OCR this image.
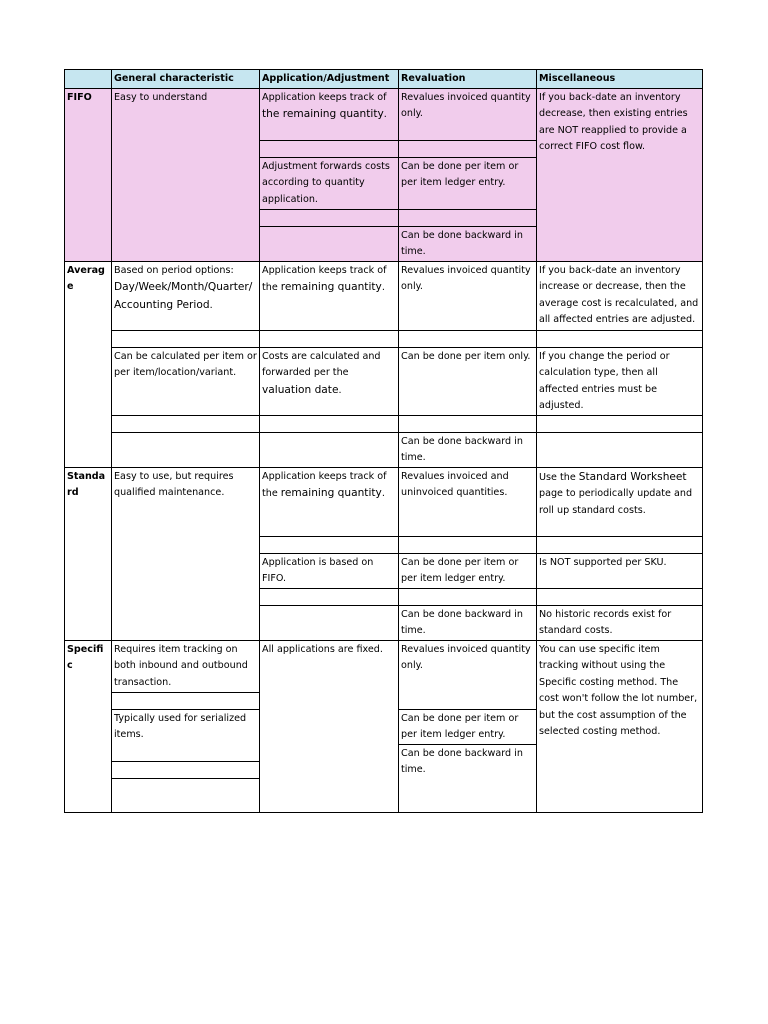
	General characteristic	Application/Adjustment	Revaluation	Miscellaneous
FIFO	Easy to understand	Application keeps track of the remaining quantity.	Revalues invoiced quantity only.	If you back-date an inventory decrease, then existing entries are NOT reapplied to provide a correct FIFO cost flow.

		Adjustment forwards costs according to quantity application.	Can be done per item or per item ledger entry.	

			Can be done backward in time.	

Average	Based on period options: Day/Week/Month/Quarter/Accounting Period.	Application keeps track of the remaining quantity.	Revalues invoiced quantity only.	If you back-date an inventory increase or decrease, then the average cost is recalculated, and all affected entries are adjusted.

	Can be calculated per item or per item/location/variant.	Costs are calculated and forwarded per the valuation date.	Can be done per item only.	If you change the period or calculation type, then all affected entries must be adjusted.

			Can be done backward in time.	

Standard	Easy to use, but requires qualified maintenance.	Application keeps track of the remaining quantity.	Revalues invoiced and uninvoiced quantities.	Use the Standard Worksheet page to periodically update and roll up standard costs.

		Application is based on FIFO.	Can be done per item or per item ledger entry.	Is NOT supported per SKU.

			Can be done backward in time.	No historic records exist for standard costs.

Specific	Requires item tracking on both inbound and outbound transaction.	All applications are fixed.	Revalues invoiced quantity only.	You can use specific item tracking without using the Specific costing method. The cost won't follow the lot number, but the cost assumption of the selected costing method.

	Typically used for serialized items.		Can be done per item or per item ledger entry.	
			Can be done backward in time.	
